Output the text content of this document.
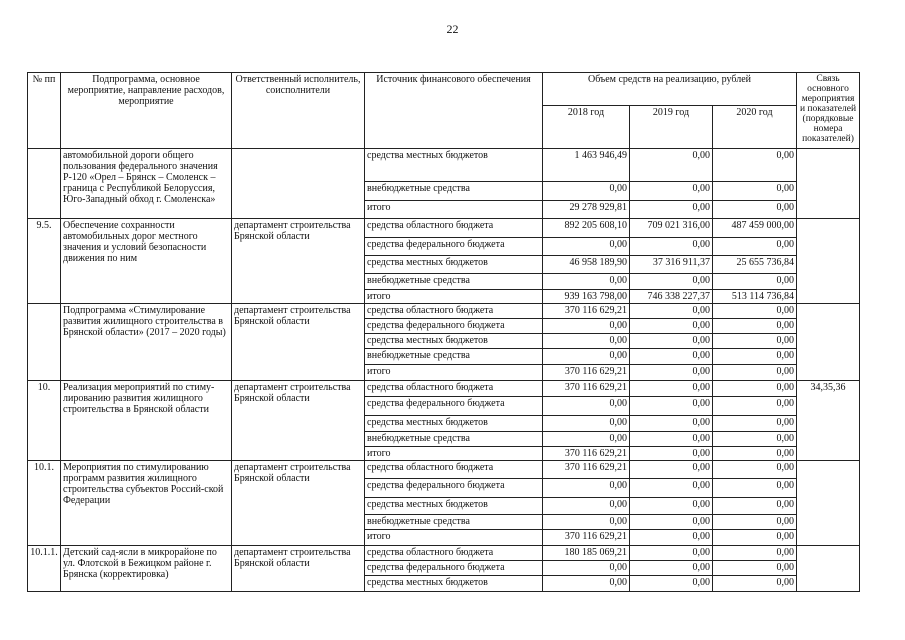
22
№ пп	Подпрограмма, основное мероприятие, направление расходов, мероприятие	Ответственный исполнитель, соисполнители	Источник финансового обеспечения	Объем средств на реализацию, рублей			Связь основного мероприятия и показателей (порядковые номера показателей)
				2018 год	2019 год	2020 год	
	автомобильной дороги общего пользования федерального значения Р-120 «Орел – Брянск – Смоленск – граница с Республикой Белоруссия, Юго-Западный обход г. Смоленска»		средства местных бюджетов	1 463 946,49	0,00	0,00	
			внебюджетные средства	0,00	0,00	0,00	
			итого	29 278 929,81	0,00	0,00	
9.5.	Обеспечение сохранности автомобильных дорог местного значения и условий безопасности движения по ним	департамент строительства Брянской области	средства областного бюджета	892 205 608,10	709 021 316,00	487 459 000,00	
			средства федерального бюджета	0,00	0,00	0,00	
			средства местных бюджетов	46 958 189,90	37 316 911,37	25 655 736,84	
			внебюджетные средства	0,00	0,00	0,00	
			итого	939 163 798,00	746 338 227,37	513 114 736,84	
	Подпрограмма «Стимулирование развития жилищного строительства в Брянской области» (2017 – 2020 годы)	департамент строительства Брянской области	средства областного бюджета	370 116 629,21	0,00	0,00	
			средства федерального бюджета	0,00	0,00	0,00	
			средства местных бюджетов	0,00	0,00	0,00	
			внебюджетные средства	0,00	0,00	0,00	
			итого	370 116 629,21	0,00	0,00	
10.	Реализация мероприятий по стиму-лированию развития жилищного строительства в Брянской области	департамент строительства Брянской области	средства областного бюджета	370 116 629,21	0,00	0,00	34,35,36
			средства федерального бюджета	0,00	0,00	0,00	
			средства местных бюджетов	0,00	0,00	0,00	
			внебюджетные средства	0,00	0,00	0,00	
			итого	370 116 629,21	0,00	0,00	
10.1.	Мероприятия по стимулированию программ развития жилищного строительства субъектов Россий-ской Федерации	департамент строительства Брянской области	средства областного бюджета	370 116 629,21	0,00	0,00	
			средства федерального бюджета	0,00	0,00	0,00	
			средства местных бюджетов	0,00	0,00	0,00	
			внебюджетные средства	0,00	0,00	0,00	
			итого	370 116 629,21	0,00	0,00	
10.1.1.	Детский сад-ясли в микрорайоне по ул. Флотской в Бежицком районе г. Брянска (корректировка)	департамент строительства Брянской области	средства областного бюджета	180 185 069,21	0,00	0,00	
			средства федерального бюджета	0,00	0,00	0,00	
			средства местных бюджетов	0,00	0,00	0,00	
